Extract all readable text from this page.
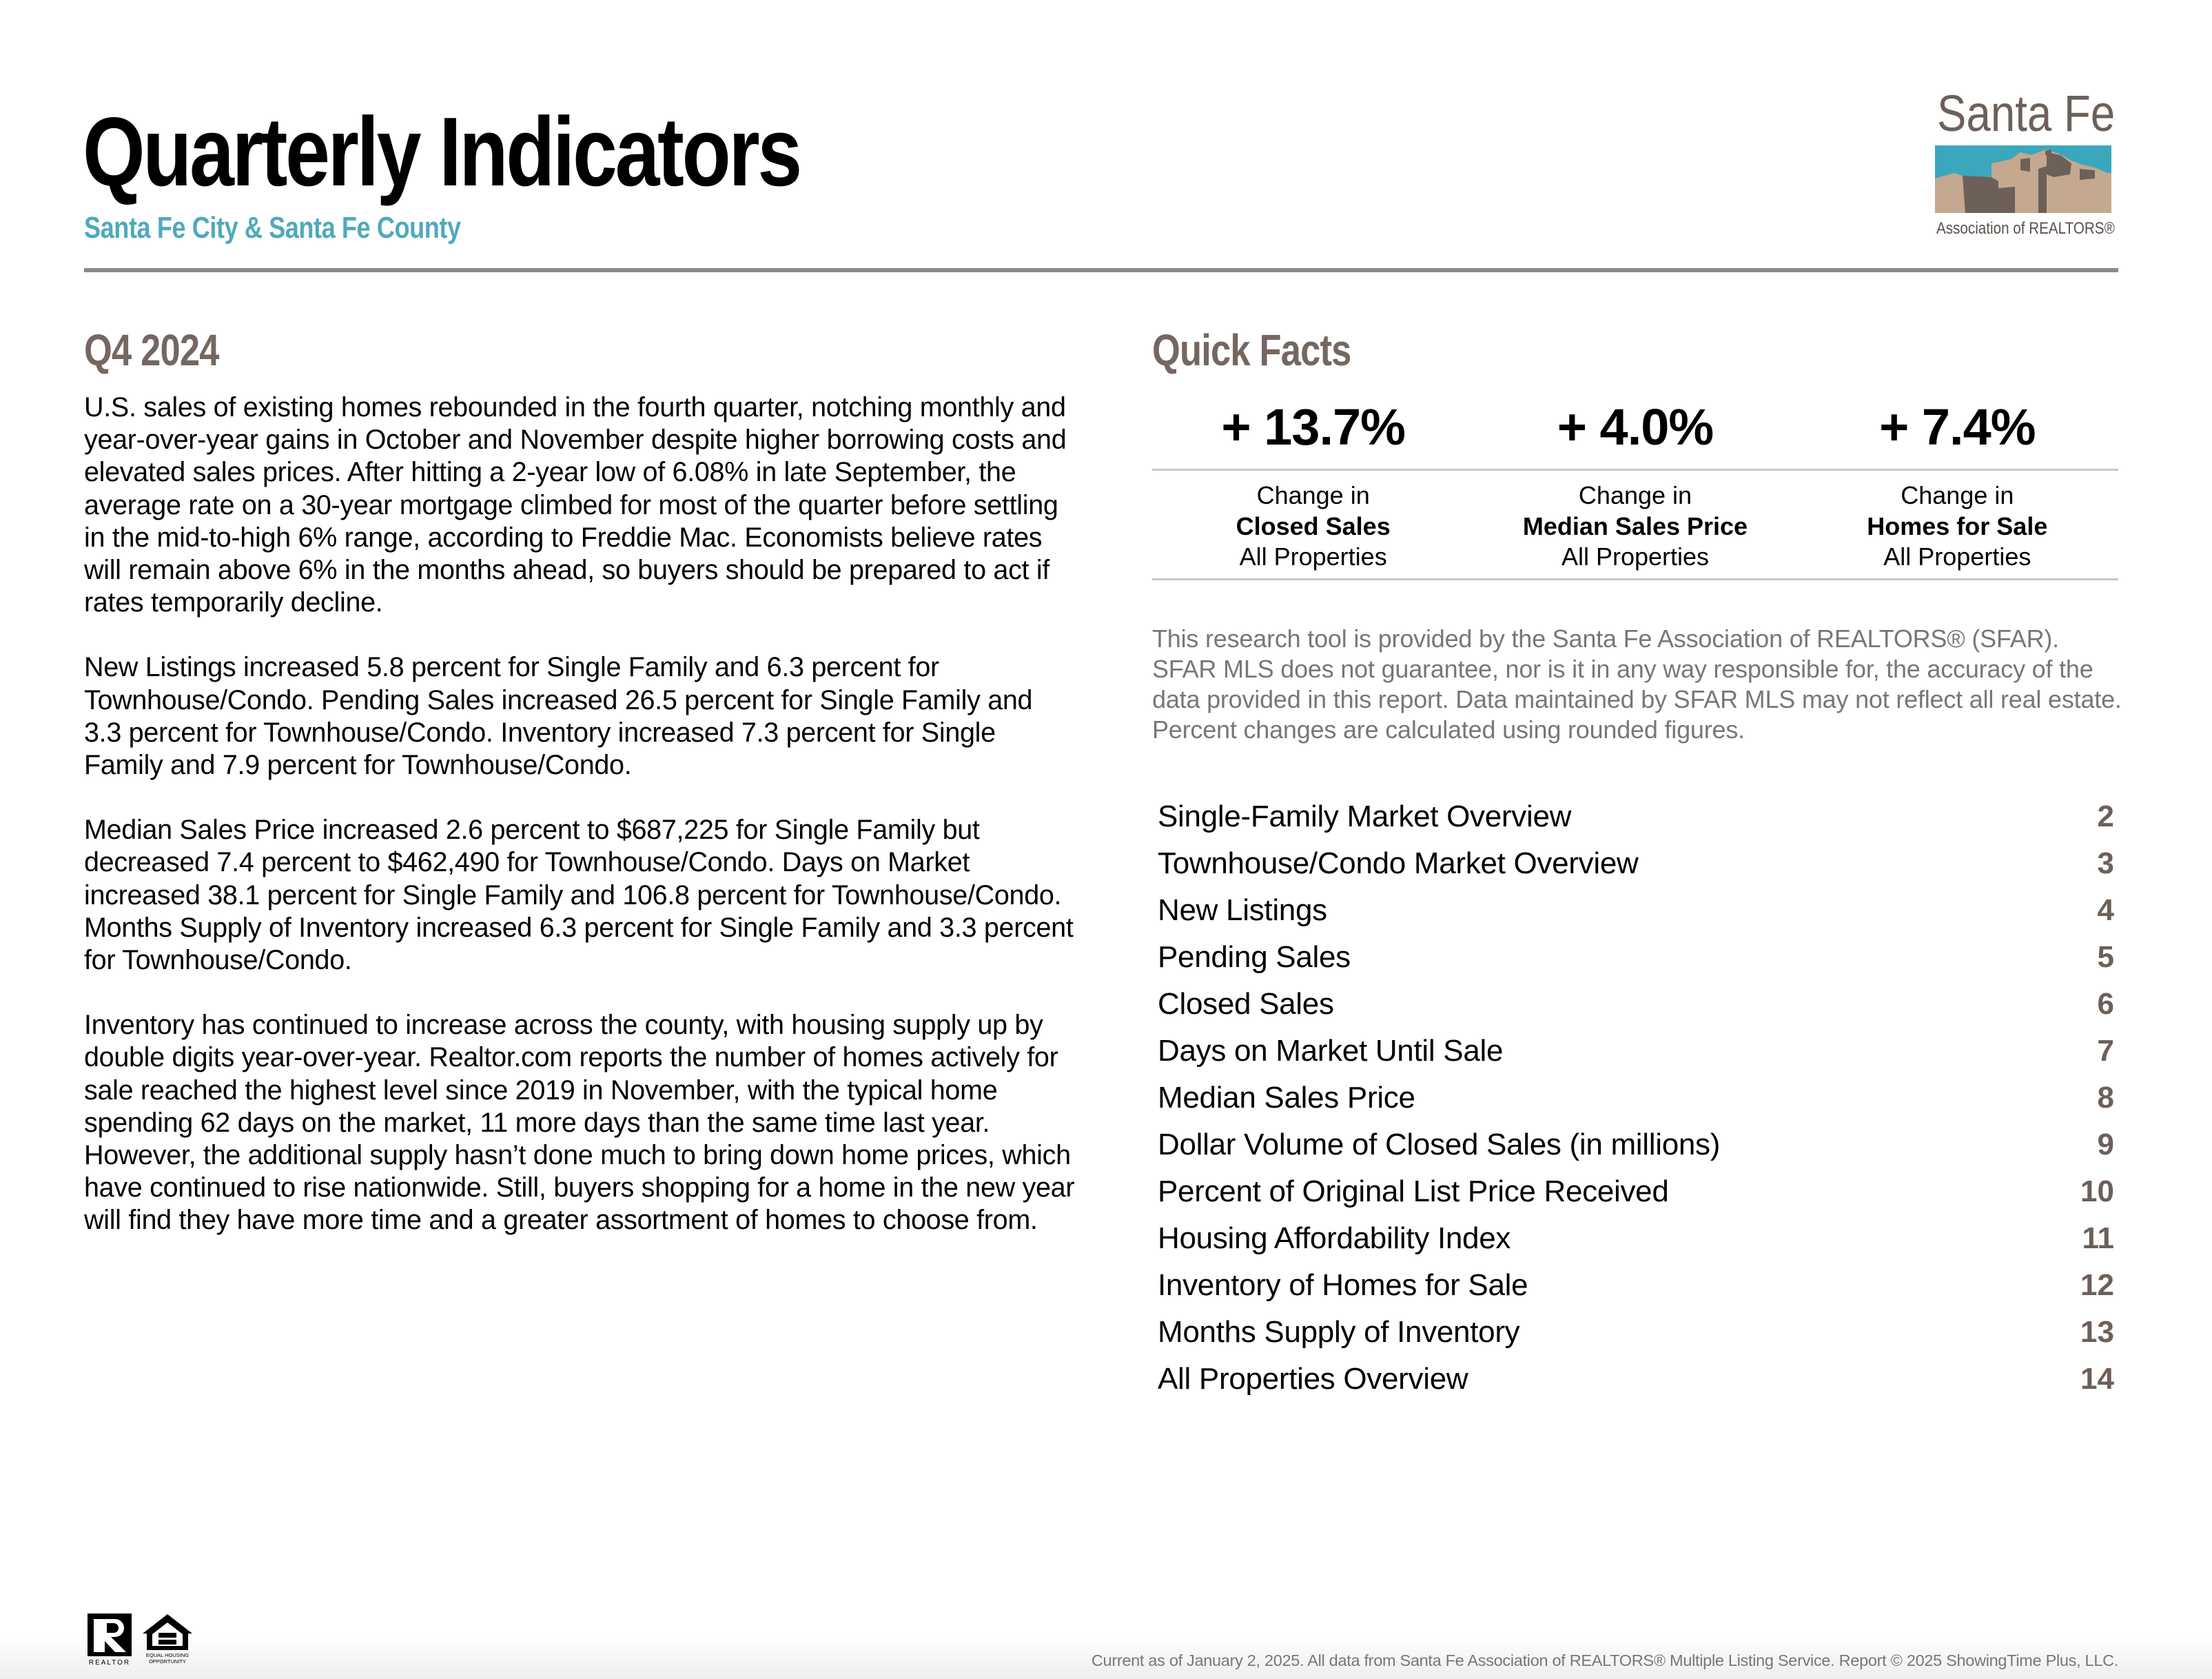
Quarterly Indicators
Santa Fe City & Santa Fe County
Santa Fe
Association of REALTORS®
Q4 2024

U.S. sales of existing homes rebounded in the fourth quarter, notching monthly and year-over-year gains in October and November despite higher borrowing costs and elevated sales prices. After hitting a 2-year low of 6.08% in late September, the average rate on a 30-year mortgage climbed for most of the quarter before settling in the mid-to-high 6% range, according to Freddie Mac. Economists believe rates will remain above 6% in the months ahead, so buyers should be prepared to act if rates temporarily decline.

New Listings increased 5.8 percent for Single Family and 6.3 percent for Townhouse/Condo. Pending Sales increased 26.5 percent for Single Family and 3.3 percent for Townhouse/Condo. Inventory increased 7.3 percent for Single Family and 7.9 percent for Townhouse/Condo.

Median Sales Price increased 2.6 percent to $687,225 for Single Family but decreased 7.4 percent to $462,490 for Townhouse/Condo. Days on Market increased 38.1 percent for Single Family and 106.8 percent for Townhouse/Condo. Months Supply of Inventory increased 6.3 percent for Single Family and 3.3 percent for Townhouse/Condo.

Inventory has continued to increase across the county, with housing supply up by double digits year-over-year. Realtor.com reports the number of homes actively for sale reached the highest level since 2019 in November, with the typical home spending 62 days on the market, 11 more days than the same time last year. However, the additional supply hasn’t done much to bring down home prices, which have continued to rise nationwide. Still, buyers shopping for a home in the new year will find they have more time and a greater assortment of homes to choose from.

Quick Facts
+ 13.7%	+ 4.0%	+ 7.4%
Change in
Closed Sales
All Properties
Change in
Median Sales Price
All Properties
Change in
Homes for Sale
All Properties
This research tool is provided by the Santa Fe Association of REALTORS® (SFAR). SFAR MLS does not guarantee, nor is it in any way responsible for, the accuracy of the data provided in this report. Data maintained by SFAR MLS may not reflect all real estate. Percent changes are calculated using rounded figures.
Single-Family Market Overview	2
Townhouse/Condo Market Overview	3
New Listings	4
Pending Sales	5
Closed Sales	6
Days on Market Until Sale	7
Median Sales Price	8
Dollar Volume of Closed Sales (in millions)	9
Percent of Original List Price Received	10
Housing Affordability Index	11
Inventory of Homes for Sale	12
Months Supply of Inventory	13
All Properties Overview	14
REALTOR
EQUAL HOUSING
OPPORTUNITY	Current as of January 2, 2025. All data from Santa Fe Association of REALTORS® Multiple Listing Service. Report © 2025 ShowingTime Plus, LLC.
